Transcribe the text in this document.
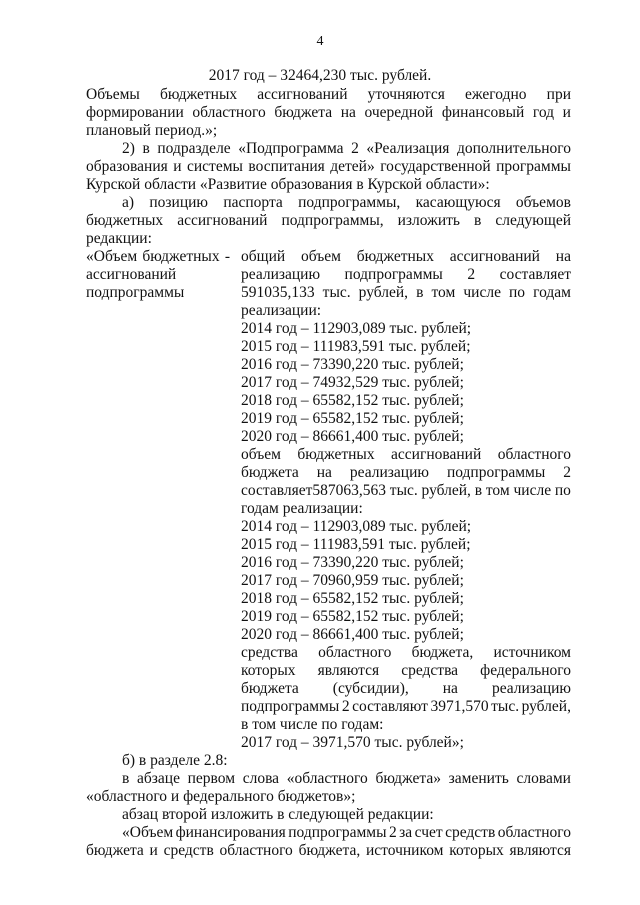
4
2017 год – 32464,230 тыс. рублей.
Объемы бюджетных ассигнований уточняются ежегодно при
формировании областного бюджета на очередной финансовый год и
плановый период.»;
2) в подразделе «Подпрограмма 2 «Реализация дополнительного
образования и системы воспитания детей» государственной программы
Курской области «Развитие образования в Курской области»:
а) позицию паспорта подпрограммы, касающуюся объемов
бюджетных ассигнований подпрограммы, изложить в следующей
редакции:
«Объем бюджетных -
ассигнований
подпрограммы
общий объем бюджетных ассигнований на
реализацию подпрограммы 2 составляет
591035,133 тыс. рублей, в том числе по годам
реализации:
2014 год – 112903,089 тыс. рублей;
2015 год – 111983,591 тыс. рублей;
2016 год – 73390,220 тыс. рублей;
2017 год – 74932,529 тыс. рублей;
2018 год – 65582,152 тыс. рублей;
2019 год – 65582,152 тыс. рублей;
2020 год – 86661,400 тыс. рублей;
объем бюджетных ассигнований областного
бюджета на реализацию подпрограммы 2
составляет587063,563 тыс. рублей, в том числе по
годам реализации:
2014 год – 112903,089 тыс. рублей;
2015 год – 111983,591 тыс. рублей;
2016 год – 73390,220 тыс. рублей;
2017 год – 70960,959 тыс. рублей;
2018 год – 65582,152 тыс. рублей;
2019 год – 65582,152 тыс. рублей;
2020 год – 86661,400 тыс. рублей;
средства областного бюджета, источником
которых являются средства федерального
бюджета (субсидии), на реализацию
подпрограммы 2 составляют 3971,570 тыс. рублей,
в том числе по годам:
2017 год – 3971,570 тыс. рублей»;
б) в разделе 2.8:
в абзаце первом слова «областного бюджета» заменить словами
«областного и федерального бюджетов»;
абзац второй изложить в следующей редакции:
«Объем финансирования подпрограммы 2 за счет средств областного
бюджета и средств областного бюджета, источником которых являются
